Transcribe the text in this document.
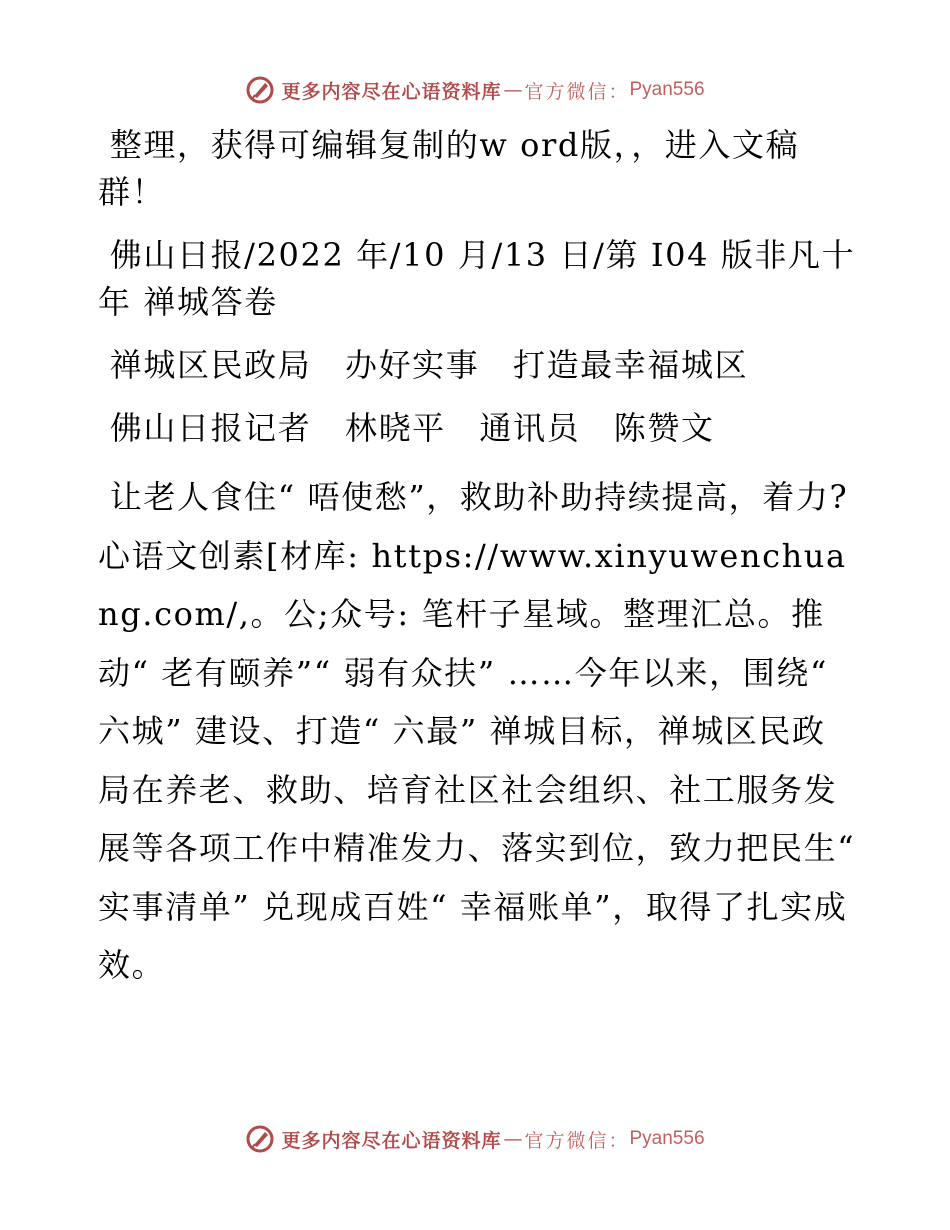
更多内容尽在心语资料库 — 官方微信： Pyan556

整理，获得可编辑复制的w ord版，，进入文稿群！

佛山日报/2022 年/10 月/13 日/第 I04 版非凡十年 禅城答卷

禅城区民政局　办好实事　打造最幸福城区

佛山日报记者　林晓平　通讯员　陈赞文

让老人食住“ 唔使愁”，救助补助持续提高，着力?心语文创素[材库: https://www.xinyuwenchuang.com/,。公;众号: 笔杆子星域。整理汇总。推动“ 老有颐养”“ 弱有众扶” ……今年以来，围绕“ 六城” 建设、打造“ 六最” 禅城目标，禅城区民政局在养老、救助、培育社区社会组织、社工服务发展等各项工作中精准发力、落实到位，致力把民生“ 实事清单” 兑现成百姓“ 幸福账单”，取得了扎实成效。

更多内容尽在心语资料库 — 官方微信： Pyan556
